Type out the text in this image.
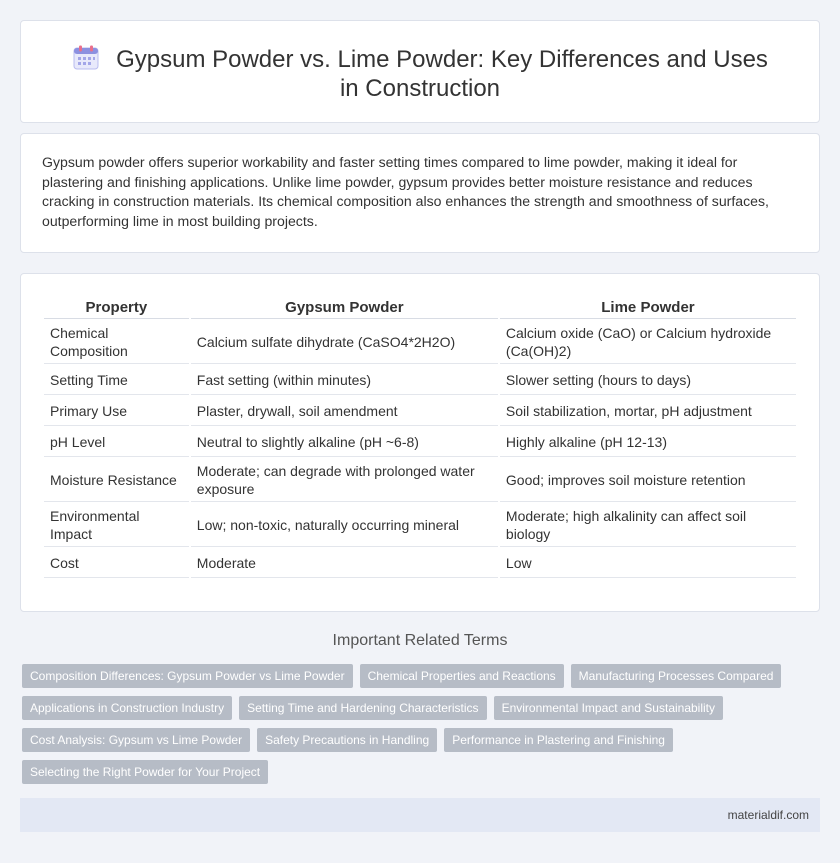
Gypsum Powder vs. Lime Powder: Key Differences and Uses in Construction

Gypsum powder offers superior workability and faster setting times compared to lime powder, making it ideal for plastering and finishing applications. Unlike lime powder, gypsum provides better moisture resistance and reduces cracking in construction materials. Its chemical composition also enhances the strength and smoothness of surfaces, outperforming lime in most building projects.

Property	Gypsum Powder	Lime Powder
Chemical Composition	Calcium sulfate dihydrate (CaSO4*2H2O)	Calcium oxide (CaO) or Calcium hydroxide (Ca(OH)2)
Setting Time	Fast setting (within minutes)	Slower setting (hours to days)
Primary Use	Plaster, drywall, soil amendment	Soil stabilization, mortar, pH adjustment
pH Level	Neutral to slightly alkaline (pH ~6-8)	Highly alkaline (pH 12-13)
Moisture Resistance	Moderate; can degrade with prolonged water exposure	Good; improves soil moisture retention
Environmental Impact	Low; non-toxic, naturally occurring mineral	Moderate; high alkalinity can affect soil biology
Cost	Moderate	Low
Important Related Terms
Composition Differences: Gypsum Powder vs Lime Powder	Chemical Properties and Reactions	Manufacturing Processes Compared
Applications in Construction Industry	Setting Time and Hardening Characteristics	Environmental Impact and Sustainability
Cost Analysis: Gypsum vs Lime Powder	Safety Precautions in Handling	Performance in Plastering and Finishing
Selecting the Right Powder for Your Project
materialdif.com
